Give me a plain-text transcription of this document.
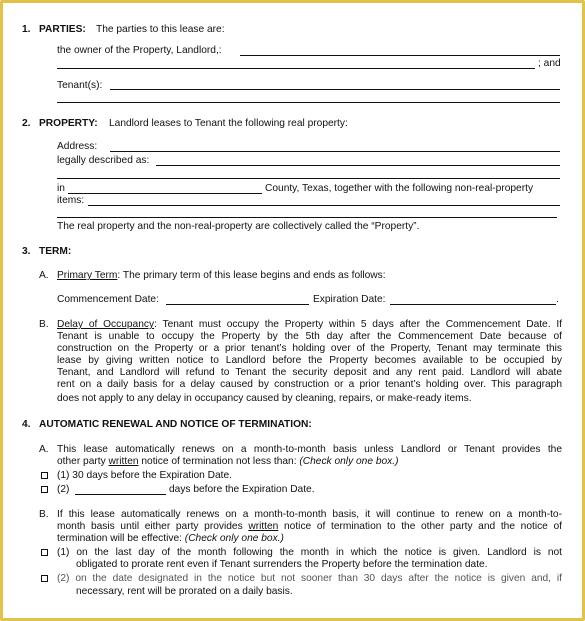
1. PARTIES: The parties to this lease are:
the owner of the Property, Landlord,:
; and
Tenant(s):
2. PROPERTY: Landlord leases to Tenant the following real property:
Address:
legally described as:
in	County, Texas, together with the following non-real-property
items:
The real property and the non-real-property are collectively called the “Property”.
3. TERM:
A. Primary Term: The primary term of this lease begins and ends as follows:
Commencement Date:	Expiration Date:	.
B. Delay of Occupancy: Tenant must occupy the Property within 5 days after the Commencement Date. If
Tenant is unable to occupy the Property by the 5th day after the Commencement Date because of
construction on the Property or a prior tenant’s holding over of the Property, Tenant may terminate this
lease by giving written notice to Landlord before the Property becomes available to be occupied by
Tenant, and Landlord will refund to Tenant the security deposit and any rent paid. Landlord will abate
rent on a daily basis for a delay caused by construction or a prior tenant’s holding over. This paragraph
does not apply to any delay in occupancy caused by cleaning, repairs, or make-ready items.
4. AUTOMATIC RENEWAL AND NOTICE OF TERMINATION:
A. This lease automatically renews on a month-to-month basis unless Landlord or Tenant provides the
other party written notice of termination not less than: (Check only one box.)
(1) 30 days before the Expiration Date.
(2)	days before the Expiration Date.
B. If this lease automatically renews on a month-to-month basis, it will continue to renew on a month-to-
month basis until either party provides written notice of termination to the other party and the notice of
termination will be effective: (Check only one box.)
(1) on the last day of the month following the month in which the notice is given. Landlord is not
obligated to prorate rent even if Tenant surrenders the Property before the termination date.
(2) on the date designated in the notice but not sooner than 30 days after the notice is given and, if
necessary, rent will be prorated on a daily basis.
